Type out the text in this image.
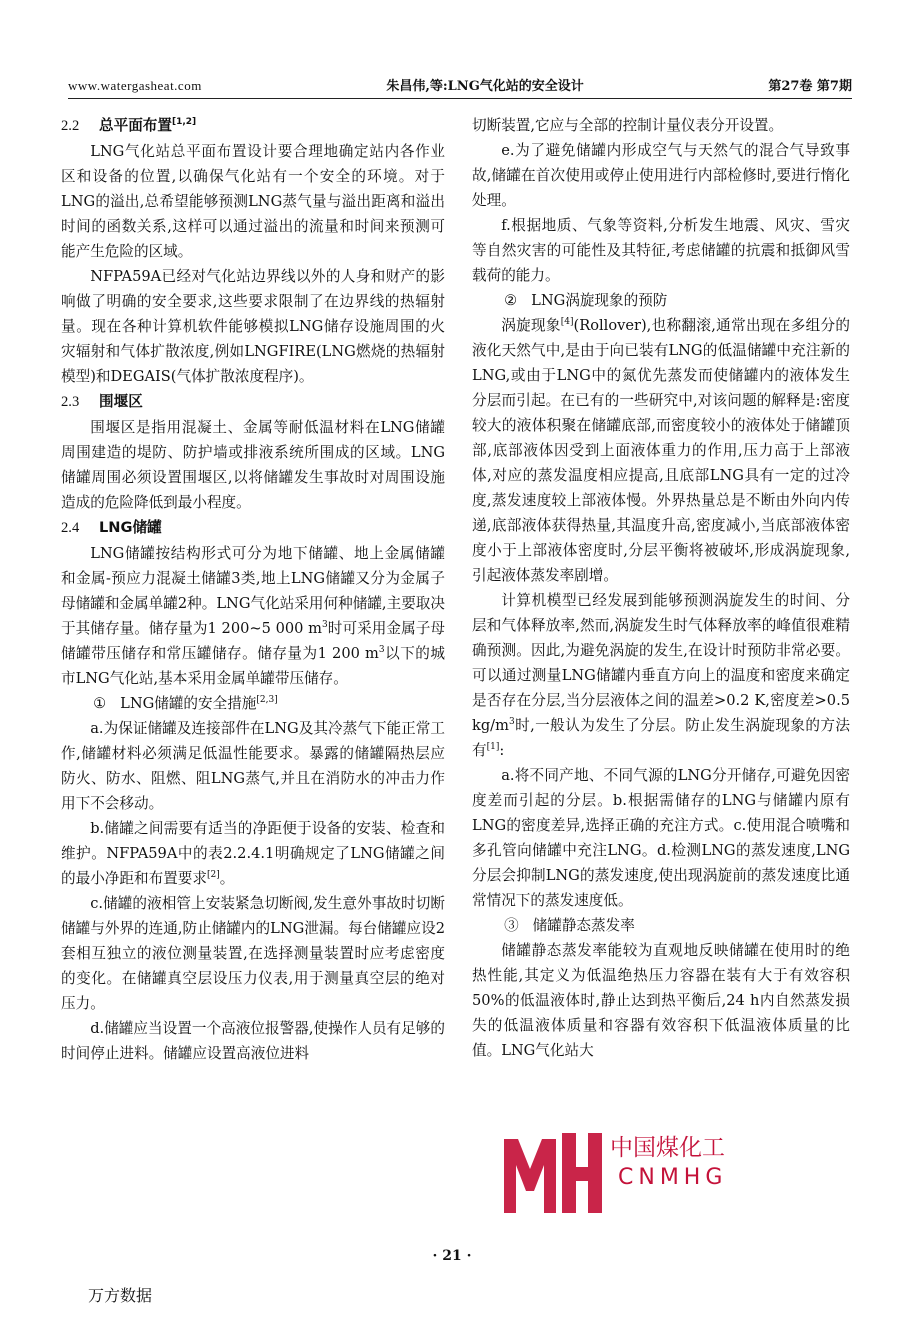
www.watergasheat.com	朱昌伟,等:LNG气化站的安全设计	第27卷 第7期
2.2 总平面布置[1,2]

LNG气化站总平面布置设计要合理地确定站内各作业区和设备的位置,以确保气化站有一个安全的环境。对于LNG的溢出,总希望能够预测LNG蒸气量与溢出距离和溢出时间的函数关系,这样可以通过溢出的流量和时间来预测可能产生危险的区域。

NFPA59A已经对气化站边界线以外的人身和财产的影响做了明确的安全要求,这些要求限制了在边界线的热辐射量。现在各种计算机软件能够模拟LNG储存设施周围的火灾辐射和气体扩散浓度,例如LNGFIRE(LNG燃烧的热辐射模型)和DEGAIS(气体扩散浓度程序)。

2.3 围堰区

围堰区是指用混凝土、金属等耐低温材料在LNG储罐周围建造的堤防、防护墙或排液系统所围成的区域。LNG储罐周围必须设置围堰区,以将储罐发生事故时对周围设施造成的危险降低到最小程度。

2.4 LNG储罐

LNG储罐按结构形式可分为地下储罐、地上金属储罐和金属-预应力混凝土储罐3类,地上LNG储罐又分为金属子母储罐和金属单罐2种。LNG气化站采用何种储罐,主要取决于其储存量。储存量为1 200~5 000 $m^3$时可采用金属子母储罐带压储存和常压罐储存。储存量为1 200 $m^3$以下的城市LNG气化站,基本采用金属单罐带压储存。

① LNG储罐的安全措施[2,3]

a.为保证储罐及连接部件在LNG及其冷蒸气下能正常工作,储罐材料必须满足低温性能要求。暴露的储罐隔热层应防火、防水、阻燃、阻LNG蒸气,并且在消防水的冲击力作用下不会移动。

b.储罐之间需要有适当的净距便于设备的安装、检查和维护。NFPA59A中的表2.2.4.1明确规定了LNG储罐之间的最小净距和布置要求[2]。

c.储罐的液相管上安装紧急切断阀,发生意外事故时切断储罐与外界的连通,防止储罐内的LNG泄漏。每台储罐应设2套相互独立的液位测量装置,在选择测量装置时应考虑密度的变化。在储罐真空层设压力仪表,用于测量真空层的绝对压力。

d.储罐应当设置一个高液位报警器,使操作人员有足够的时间停止进料。储罐应设置高液位进料

切断装置,它应与全部的控制计量仪表分开设置。

e.为了避免储罐内形成空气与天然气的混合气导致事故,储罐在首次使用或停止使用进行内部检修时,要进行惰化处理。

f.根据地质、气象等资料,分析发生地震、风灾、雪灾等自然灾害的可能性及其特征,考虑储罐的抗震和抵御风雪载荷的能力。

② LNG涡旋现象的预防

涡旋现象[4](Rollover),也称翻滚,通常出现在多组分的液化天然气中,是由于向已装有LNG的低温储罐中充注新的LNG,或由于LNG中的氮优先蒸发而使储罐内的液体发生分层而引起。在已有的一些研究中,对该问题的解释是:密度较大的液体积聚在储罐底部,而密度较小的液体处于储罐顶部,底部液体因受到上面液体重力的作用,压力高于上部液体,对应的蒸发温度相应提高,且底部LNG具有一定的过冷度,蒸发速度较上部液体慢。外界热量总是不断由外向内传递,底部液体获得热量,其温度升高,密度减小,当底部液体密度小于上部液体密度时,分层平衡将被破坏,形成涡旋现象,引起液体蒸发率剧增。

计算机模型已经发展到能够预测涡旋发生的时间、分层和气体释放率,然而,涡旋发生时气体释放率的峰值很难精确预测。因此,为避免涡旋的发生,在设计时预防非常必要。可以通过测量LNG储罐内垂直方向上的温度和密度来确定是否存在分层,当分层液体之间的温差>0.2 K,密度差>0.5 $kg/m^3$时,一般认为发生了分层。防止发生涡旋现象的方法有[1]:

a.将不同产地、不同气源的LNG分开储存,可避免因密度差而引起的分层。b.根据需储存的LNG与储罐内原有LNG的密度差异,选择正确的充注方式。c.使用混合喷嘴和多孔管向储罐中充注LNG。d.检测LNG的蒸发速度,LNG分层会抑制LNG的蒸发速度,使出现涡旋前的蒸发速度比通常情况下的蒸发速度低。

③ 储罐静态蒸发率

储罐静态蒸发率能较为直观地反映储罐在使用时的绝热性能,其定义为低温绝热压力容器在装有大于有效容积50%的低温液体时,静止达到热平衡后,24 h内自然蒸发损失的低温液体质量和容器有效容积下低温液体质量的比值。LNG气化站大

中国煤化工
CNMHG
· 21 ·
万方数据
